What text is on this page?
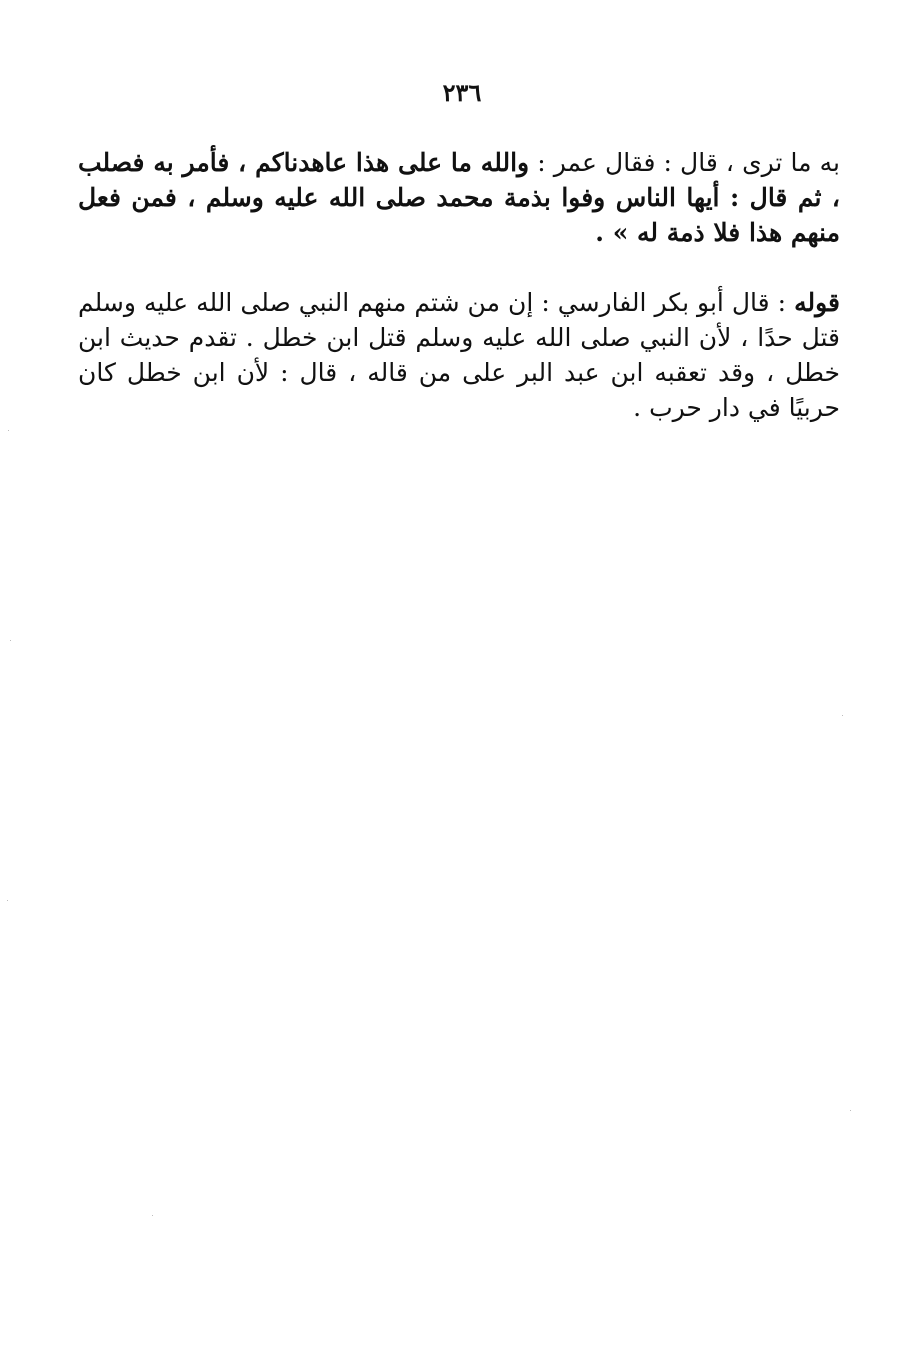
٢٣٦

به ما ترى ، قال : فقال عمر : والله ما على هذا عاهدناكم ، فأمر به فصلب ، ثم قال : أيها الناس وفوا بذمة محمد صلى الله عليه وسلم ، فمن فعل منهم هذا فلا ذمة له » .

قوله : قال أبو بكر الفارسي : إن من شتم منهم النبي صلى الله عليه وسلم قتل حدًا ، لأن النبي صلى الله عليه وسلم قتل ابن خطل . تقدم حديث ابن خطل ، وقد تعقبه ابن عبد البر على من قاله ، قال : لأن ابن خطل كان حربيًا في دار حرب .
